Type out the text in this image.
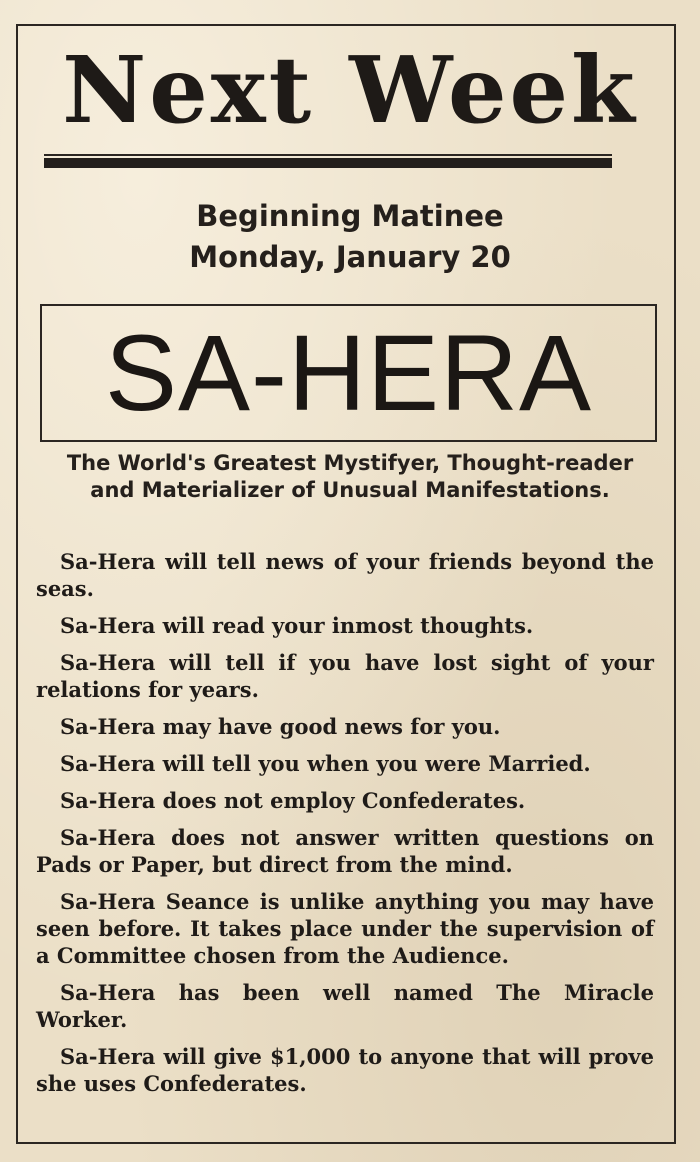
Next Week
Beginning Matinee
Monday, January 20
SA-HERA
The World's Greatest Mystifyer, Thought-reader and Materializer of Unusual Manifestations.

Sa-Hera will tell news of your friends beyond the seas.

Sa-Hera will read your inmost thoughts.

Sa-Hera will tell if you have lost sight of your relations for years.

Sa-Hera may have good news for you.

Sa-Hera will tell you when you were Married.

Sa-Hera does not employ Confederates.

Sa-Hera does not answer written questions on Pads or Paper, but direct from the mind.

Sa-Hera Seance is unlike anything you may have seen before. It takes place under the supervision of a Committee chosen from the Audience.

Sa-Hera has been well named The Miracle Worker.

Sa-Hera will give $1,000 to anyone that will prove she uses Confederates.
